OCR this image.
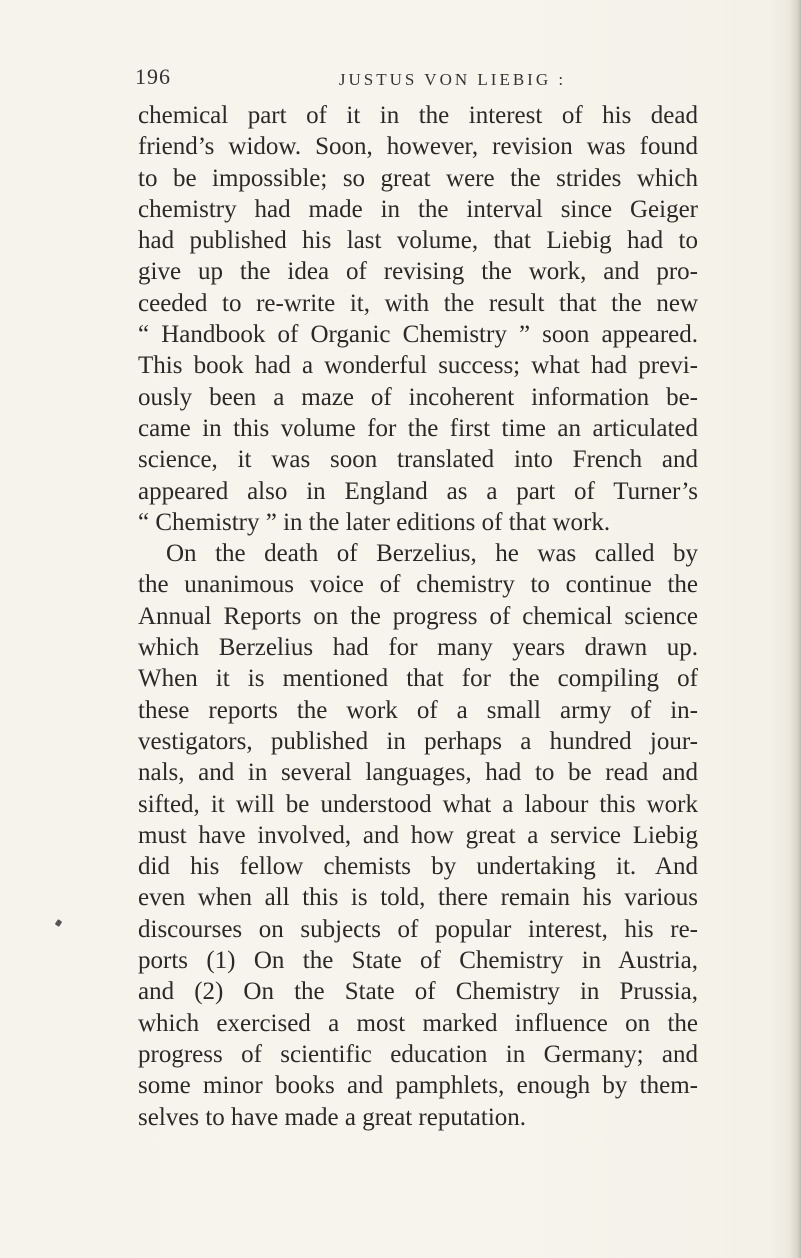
196	JUSTUS VON LIEBIG :
chemical part of it in the interest of his dead
friend’s widow. Soon, however, revision was found
to be impossible; so great were the strides which
chemistry had made in the interval since Geiger
had published his last volume, that Liebig had to
give up the idea of revising the work, and pro-
ceeded to re-write it, with the result that the new
“ Handbook of Organic Chemistry ” soon appeared.
This book had a wonderful success; what had previ-
ously been a maze of incoherent information be-
came in this volume for the first time an articulated
science, it was soon translated into French and
appeared also in England as a part of Turner’s
“ Chemistry ” in the later editions of that work.
On the death of Berzelius, he was called by
the unanimous voice of chemistry to continue the
Annual Reports on the progress of chemical science
which Berzelius had for many years drawn up.
When it is mentioned that for the compiling of
these reports the work of a small army of in-
vestigators, published in perhaps a hundred jour-
nals, and in several languages, had to be read and
sifted, it will be understood what a labour this work
must have involved, and how great a service Liebig
did his fellow chemists by undertaking it. And
even when all this is told, there remain his various
discourses on subjects of popular interest, his re-
ports (1) On the State of Chemistry in Austria,
and (2) On the State of Chemistry in Prussia,
which exercised a most marked influence on the
progress of scientific education in Germany; and
some minor books and pamphlets, enough by them-
selves to have made a great reputation.
